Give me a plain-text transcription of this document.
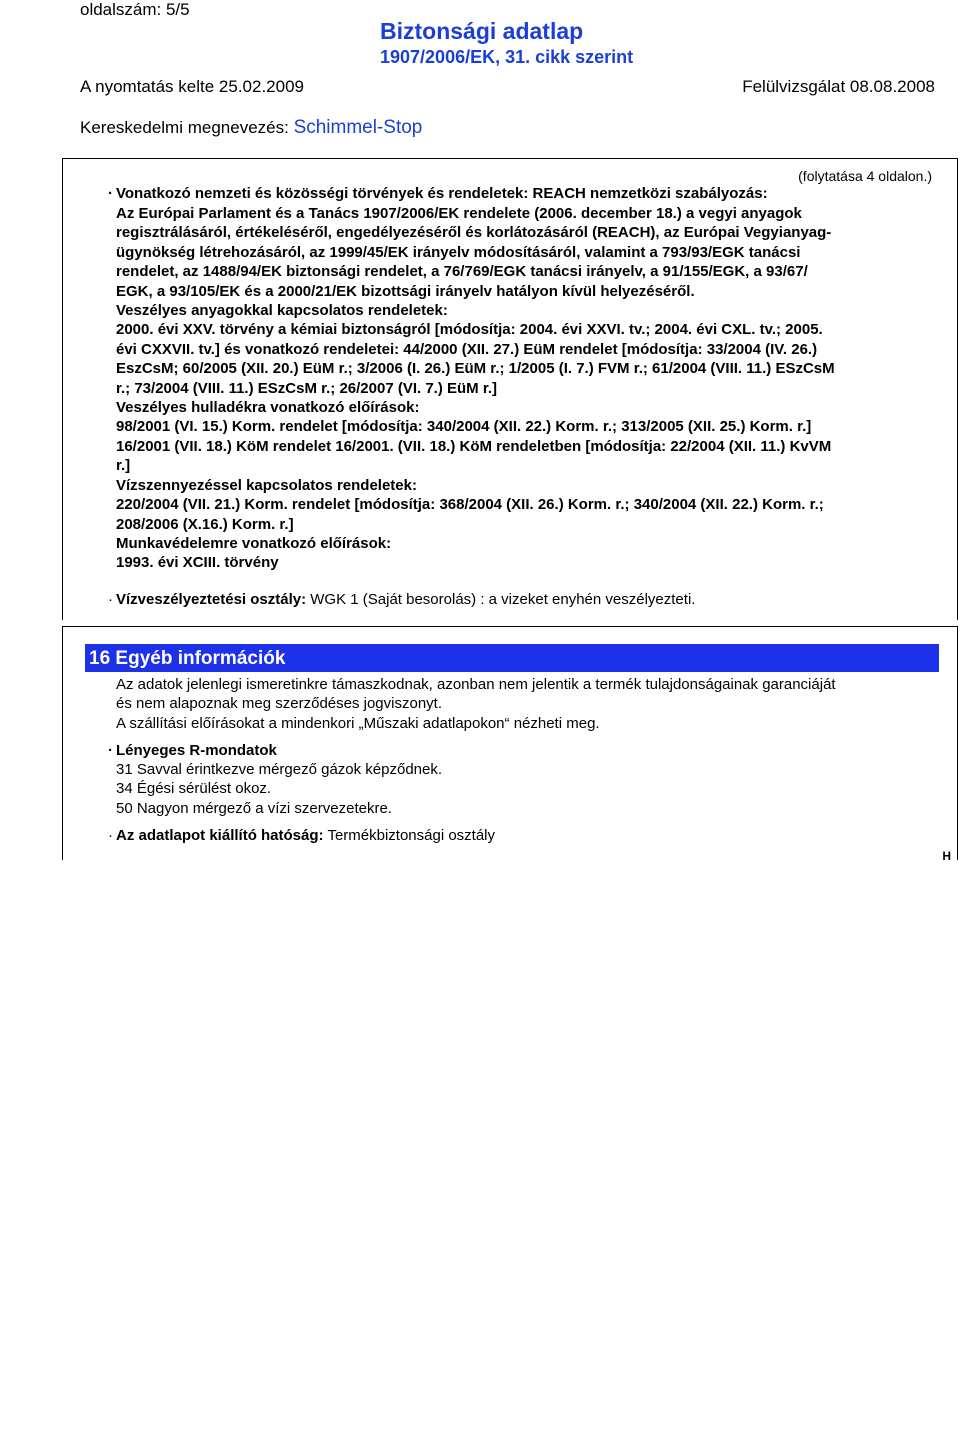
oldalszám: 5/5
Biztonsági adatlap
1907/2006/EK, 31. cikk szerint
A nyomtatás kelte 25.02.2009	Felülvizsgálat 08.08.2008
Kereskedelmi megnevezés: Schimmel-Stop
(folytatása 4 oldalon.)
· Vonatkozó nemzeti és közösségi törvények és rendeletek: REACH nemzetközi szabályozás:
Az Európai Parlament és a Tanács 1907/2006/EK rendelete (2006. december 18.) a vegyi anyagok
regisztrálásáról, értékeléséről, engedélyezéséről és korlátozásáról (REACH), az Európai Vegyianyag-
ügynökség létrehozásáról, az 1999/45/EK irányelv módosításáról, valamint a 793/93/EGK tanácsi
rendelet, az 1488/94/EK biztonsági rendelet, a 76/769/EGK tanácsi irányelv, a 91/155/EGK, a 93/67/
EGK, a 93/105/EK és a 2000/21/EK bizottsági irányelv hatályon kívül helyezéséről.
Veszélyes anyagokkal kapcsolatos rendeletek:
2000. évi XXV. törvény a kémiai biztonságról [módosítja: 2004. évi XXVI. tv.; 2004. évi CXL. tv.; 2005.
évi CXXVII. tv.] és vonatkozó rendeletei: 44/2000 (XII. 27.) EüM rendelet [módosítja: 33/2004 (IV. 26.)
EszCsM; 60/2005 (XII. 20.) EüM r.; 3/2006 (I. 26.) EüM r.; 1/2005 (I. 7.) FVM r.; 61/2004 (VIII. 11.) ESzCsM
r.; 73/2004 (VIII. 11.) ESzCsM r.; 26/2007 (VI. 7.) EüM r.]
Veszélyes hulladékra vonatkozó előírások:
98/2001 (VI. 15.) Korm. rendelet [módosítja: 340/2004 (XII. 22.) Korm. r.; 313/2005 (XII. 25.) Korm. r.]
16/2001 (VII. 18.) KöM rendelet 16/2001. (VII. 18.) KöM rendeletben [módosítja: 22/2004 (XII. 11.) KvVM
r.]
Vízszennyezéssel kapcsolatos rendeletek:
220/2004 (VII. 21.) Korm. rendelet [módosítja: 368/2004 (XII. 26.) Korm. r.; 340/2004 (XII. 22.) Korm. r.;
208/2006 (X.16.) Korm. r.]
Munkavédelemre vonatkozó előírások:
1993. évi XCIII. törvény
· Vízveszélyeztetési osztály: WGK 1 (Saját besorolás) : a vizeket enyhén veszélyezteti.
16 Egyéb információk
Az adatok jelenlegi ismeretinkre támaszkodnak, azonban nem jelentik a termék tulajdonságainak garanciáját
és nem alapoznak meg szerződéses jogviszonyt.
A szállítási előírásokat a mindenkori „Műszaki adatlapokon“ nézheti meg.
· Lényeges R-mondatok
31 Savval érintkezve mérgező gázok képződnek.
34 Égési sérülést okoz.
50 Nagyon mérgező a vízi szervezetekre.
· Az adatlapot kiállító hatóság: Termékbiztonsági osztály
H
